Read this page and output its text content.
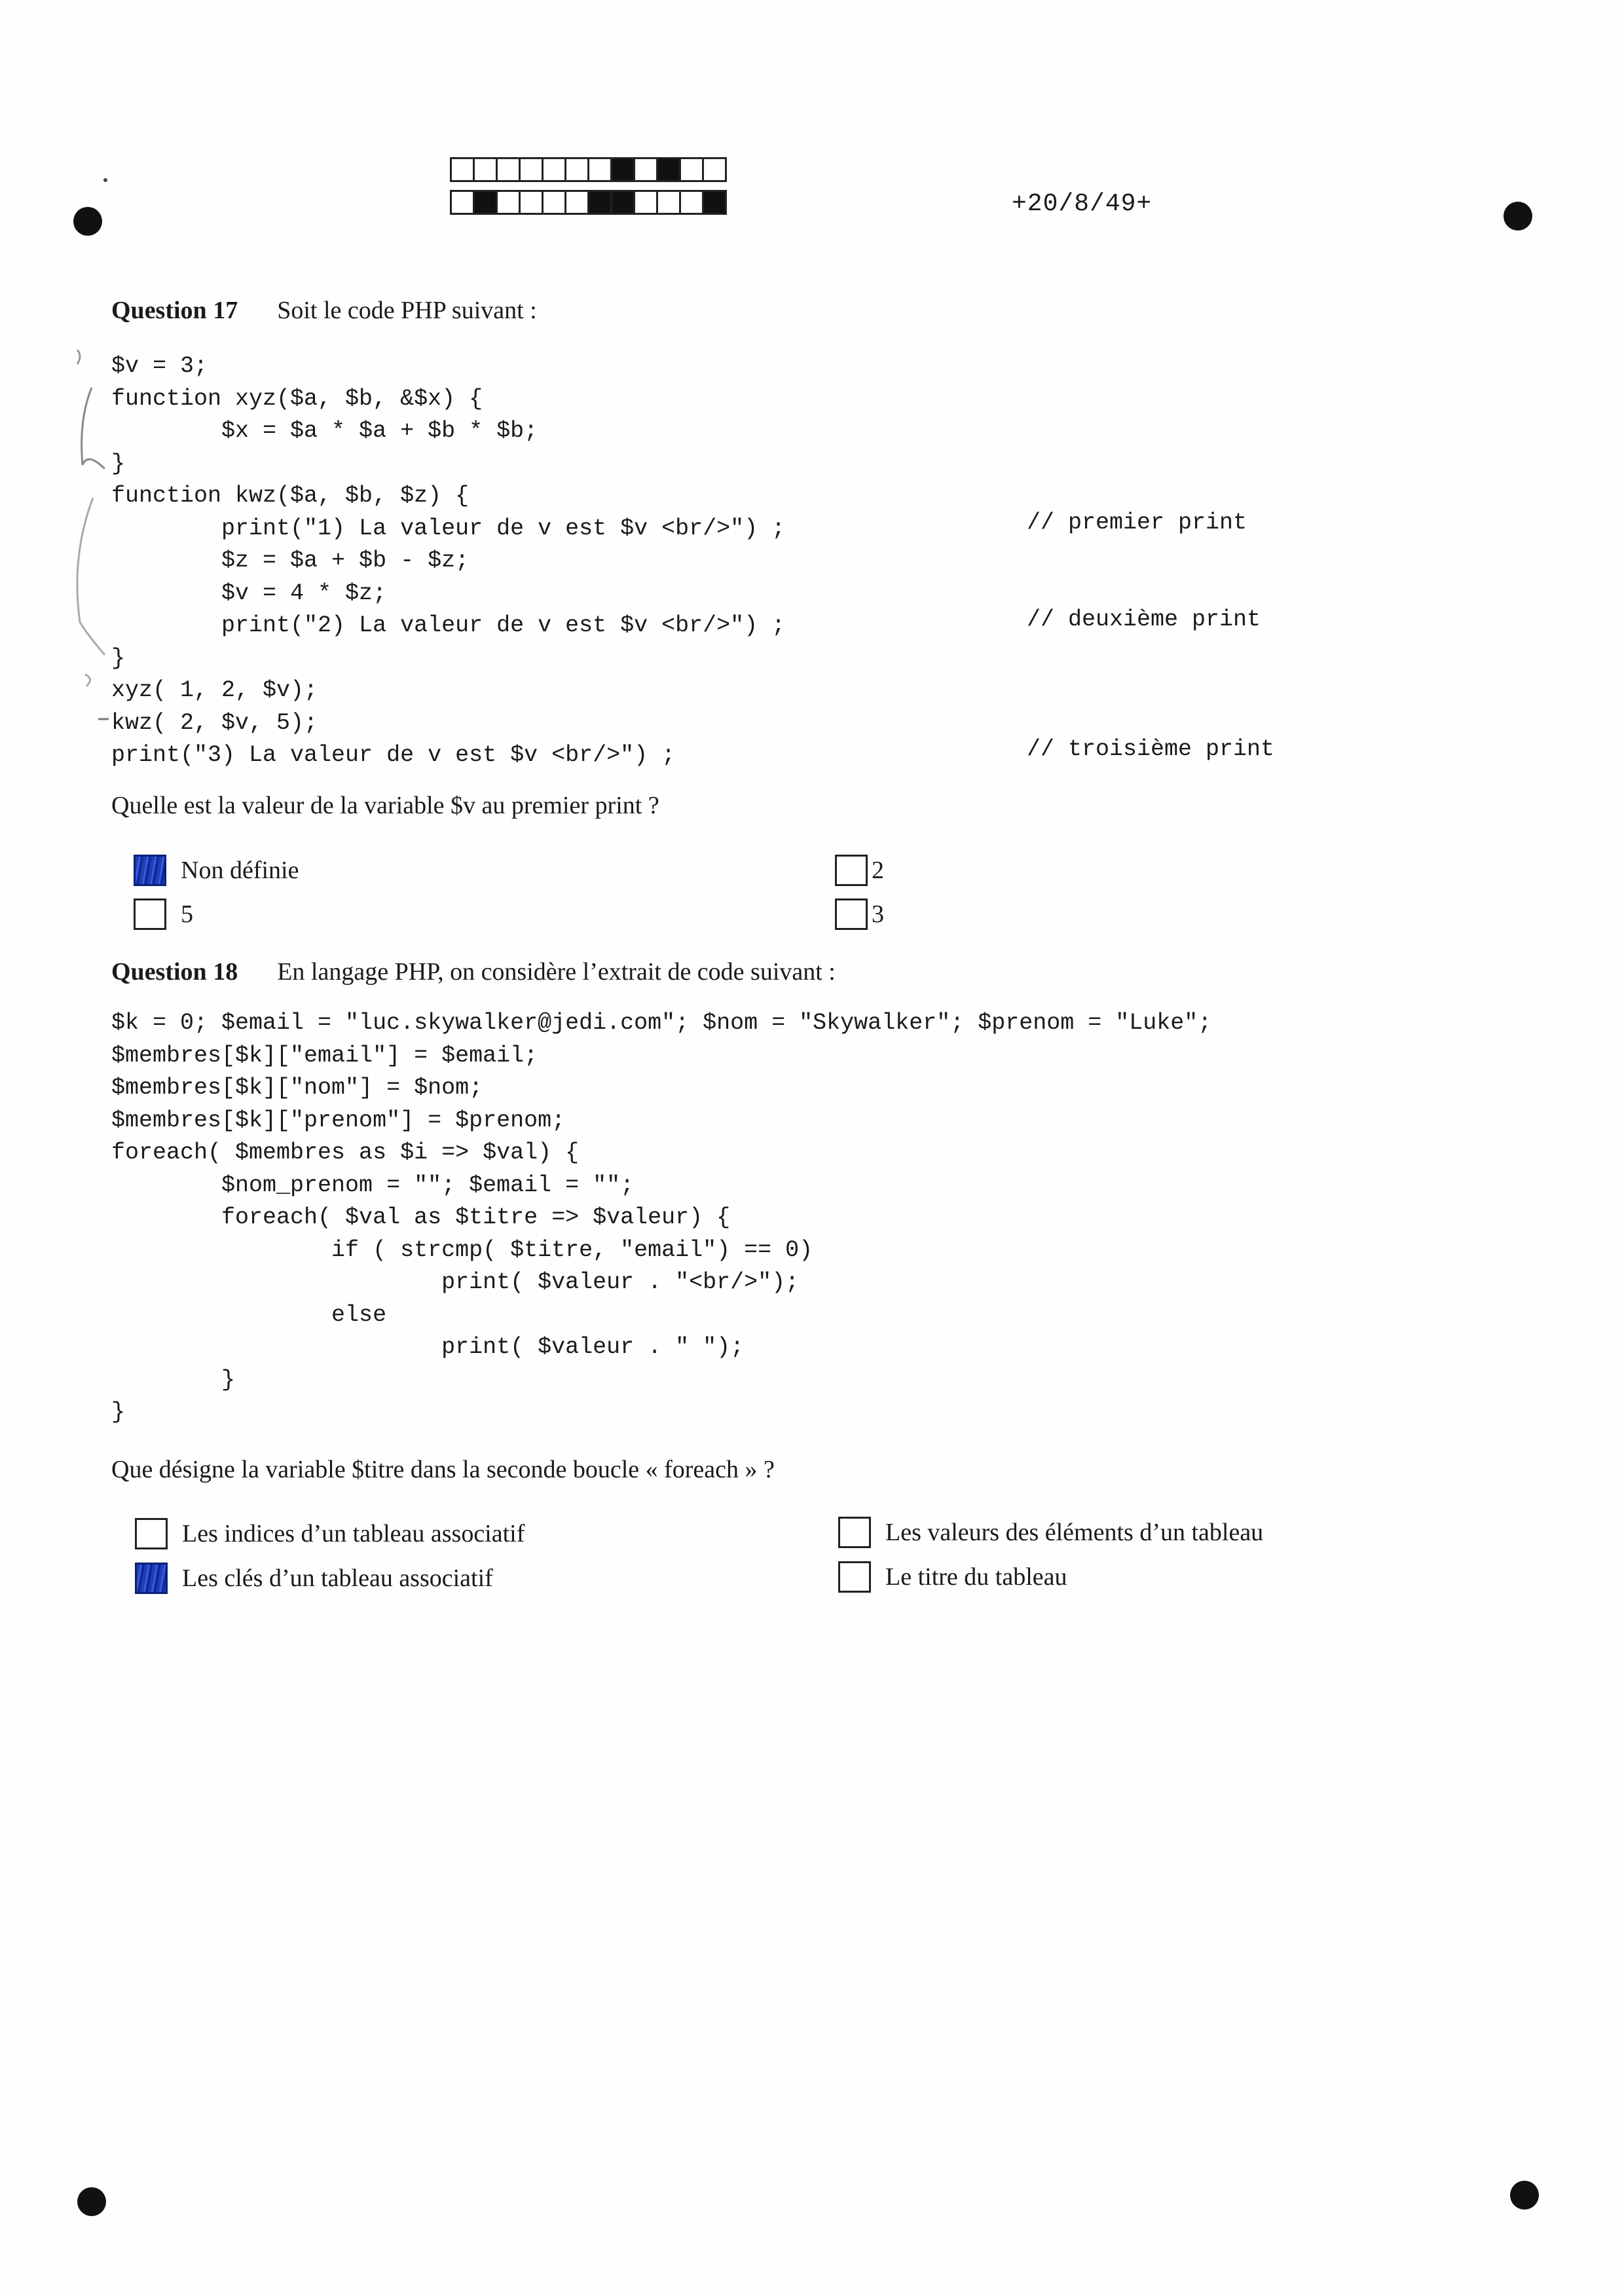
+20/8/49+
Question 17 Soit le code PHP suivant :
$v = 3;
function xyz($a, $b, &$x) {
$x = $a * $a + $b * $b;
}
function kwz($a, $b, $z) {
print("1) La valeur de v est $v <br/>") ;
$z = $a + $b - $z;
$v = 4 * $z;
print("2) La valeur de v est $v <br/>") ;
}
xyz( 1, 2, $v);
kwz( 2, $v, 5);
print("3) La valeur de v est $v <br/>") ;
// premier print
// deuxième print
// troisième print
Quelle est la valeur de la variable $v au premier print ?
Non définie
5
2
3
Question 18 En langage PHP, on considère l’extrait de code suivant :
$k = 0; $email = "luc.skywalker@jedi.com"; $nom = "Skywalker"; $prenom = "Luke";
$membres[$k]["email"] = $email;
$membres[$k]["nom"] = $nom;
$membres[$k]["prenom"] = $prenom;
foreach( $membres as $i => $val) {
$nom_prenom = ""; $email = "";
foreach( $val as $titre => $valeur) {
if ( strcmp( $titre, "email") == 0)
print( $valeur . "<br/>");
else
print( $valeur . " ");
}
}
Que désigne la variable $titre dans la seconde boucle « foreach » ?
Les indices d’un tableau associatif
Les clés d’un tableau associatif
Les valeurs des éléments d’un tableau
Le titre du tableau
